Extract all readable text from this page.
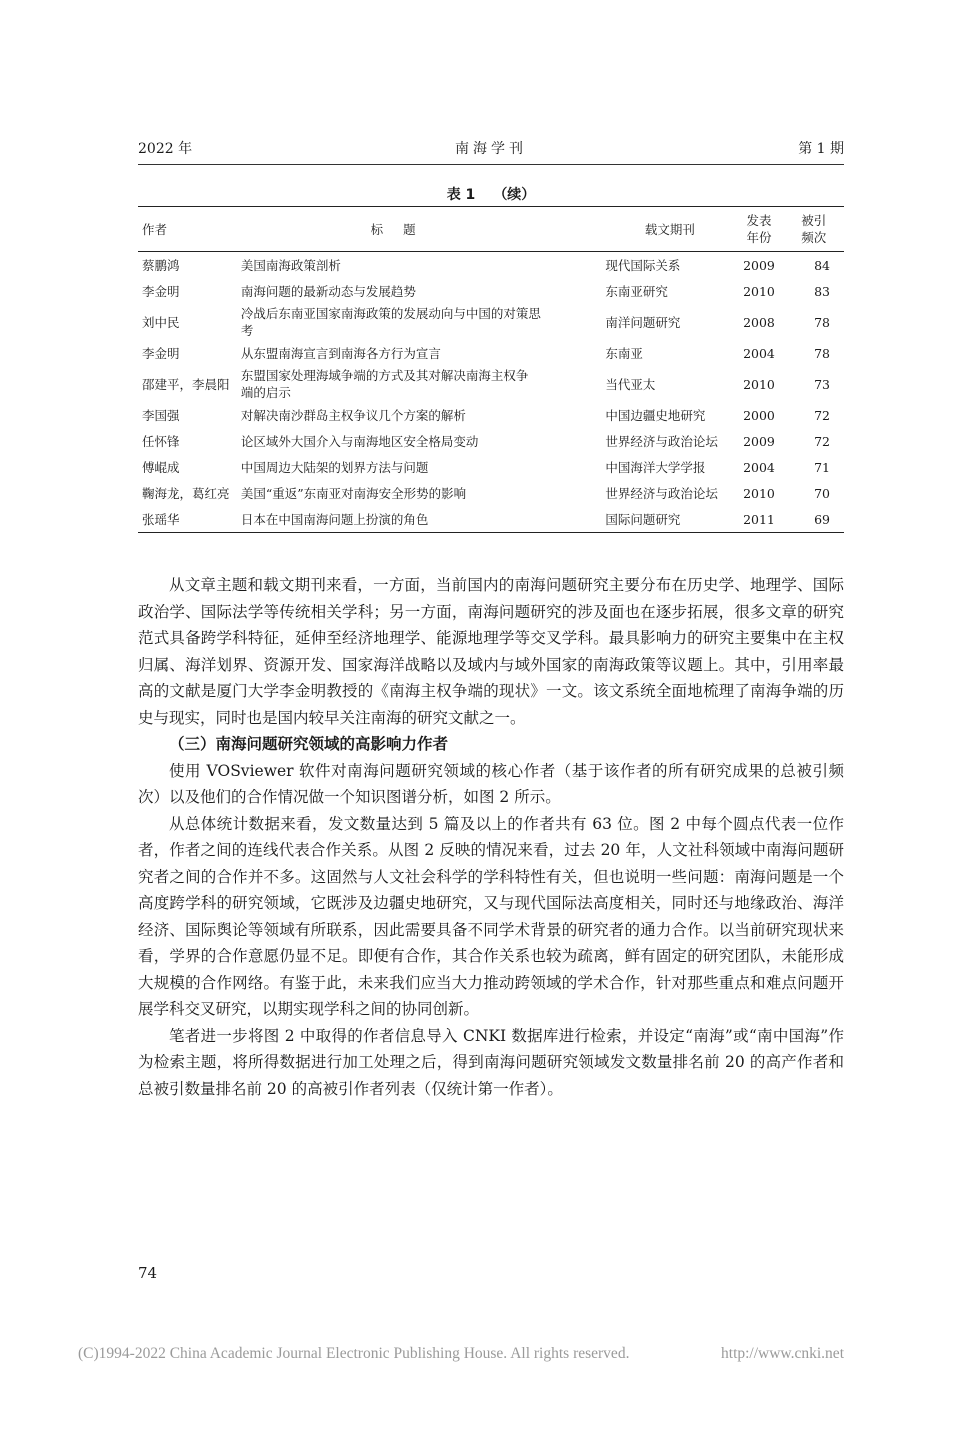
2022 年	南海学刊	第 1 期
表 1 （续）
作者	标题	载文期刊	发表年份	被引频次

蔡鹏鸿	美国南海政策剖析	现代国际关系	2009	84
李金明	南海问题的最新动态与发展趋势	东南亚研究	2010	83
刘中民	冷战后东南亚国家南海政策的发展动向与中国的对策思考	南洋问题研究	2008	78
李金明	从东盟南海宣言到南海各方行为宣言	东南亚	2004	78
邵建平，李晨阳	东盟国家处理海域争端的方式及其对解决南海主权争端的启示	当代亚太	2010	73
李国强	对解决南沙群岛主权争议几个方案的解析	中国边疆史地研究	2000	72
任怀锋	论区域外大国介入与南海地区安全格局变动	世界经济与政治论坛	2009	72
傅崐成	中国周边大陆架的划界方法与问题	中国海洋大学学报	2004	71
鞠海龙，葛红亮	美国“重返”东南亚对南海安全形势的影响	世界经济与政治论坛	2010	70
张瑶华	日本在中国南海问题上扮演的角色	国际问题研究	2011	69

从文章主题和载文期刊来看，一方面，当前国内的南海问题研究主要分布在历史学、地理学、国际政治学、国际法学等传统相关学科；另一方面，南海问题研究的涉及面也在逐步拓展，很多文章的研究范式具备跨学科特征，延伸至经济地理学、能源地理学等交叉学科。最具影响力的研究主要集中在主权归属、海洋划界、资源开发、国家海洋战略以及域内与域外国家的南海政策等议题上。其中，引用率最高的文献是厦门大学李金明教授的《南海主权争端的现状》一文。该文系统全面地梳理了南海争端的历史与现实，同时也是国内较早关注南海的研究文献之一。

（三）南海问题研究领域的高影响力作者

使用 VOSviewer 软件对南海问题研究领域的核心作者（基于该作者的所有研究成果的总被引频次）以及他们的合作情况做一个知识图谱分析，如图 2 所示。

从总体统计数据来看，发文数量达到 5 篇及以上的作者共有 63 位。图 2 中每个圆点代表一位作者，作者之间的连线代表合作关系。从图 2 反映的情况来看，过去 20 年，人文社科领域中南海问题研究者之间的合作并不多。这固然与人文社会科学的学科特性有关，但也说明一些问题：南海问题是一个高度跨学科的研究领域，它既涉及边疆史地研究，又与现代国际法高度相关，同时还与地缘政治、海洋经济、国际舆论等领域有所联系，因此需要具备不同学术背景的研究者的通力合作。以当前研究现状来看，学界的合作意愿仍显不足。即便有合作，其合作关系也较为疏离，鲜有固定的研究团队，未能形成大规模的合作网络。有鉴于此，未来我们应当大力推动跨领域的学术合作，针对那些重点和难点问题开展学科交叉研究，以期实现学科之间的协同创新。

笔者进一步将图 2 中取得的作者信息导入 CNKI 数据库进行检索，并设定“南海”或“南中国海”作为检索主题，将所得数据进行加工处理之后，得到南海问题研究领域发文数量排名前 20 的高产作者和总被引数量排名前 20 的高被引作者列表（仅统计第一作者）。

74
(C)1994-2022 China Academic Journal Electronic Publishing House. All rights reserved.	http://www.cnki.net
